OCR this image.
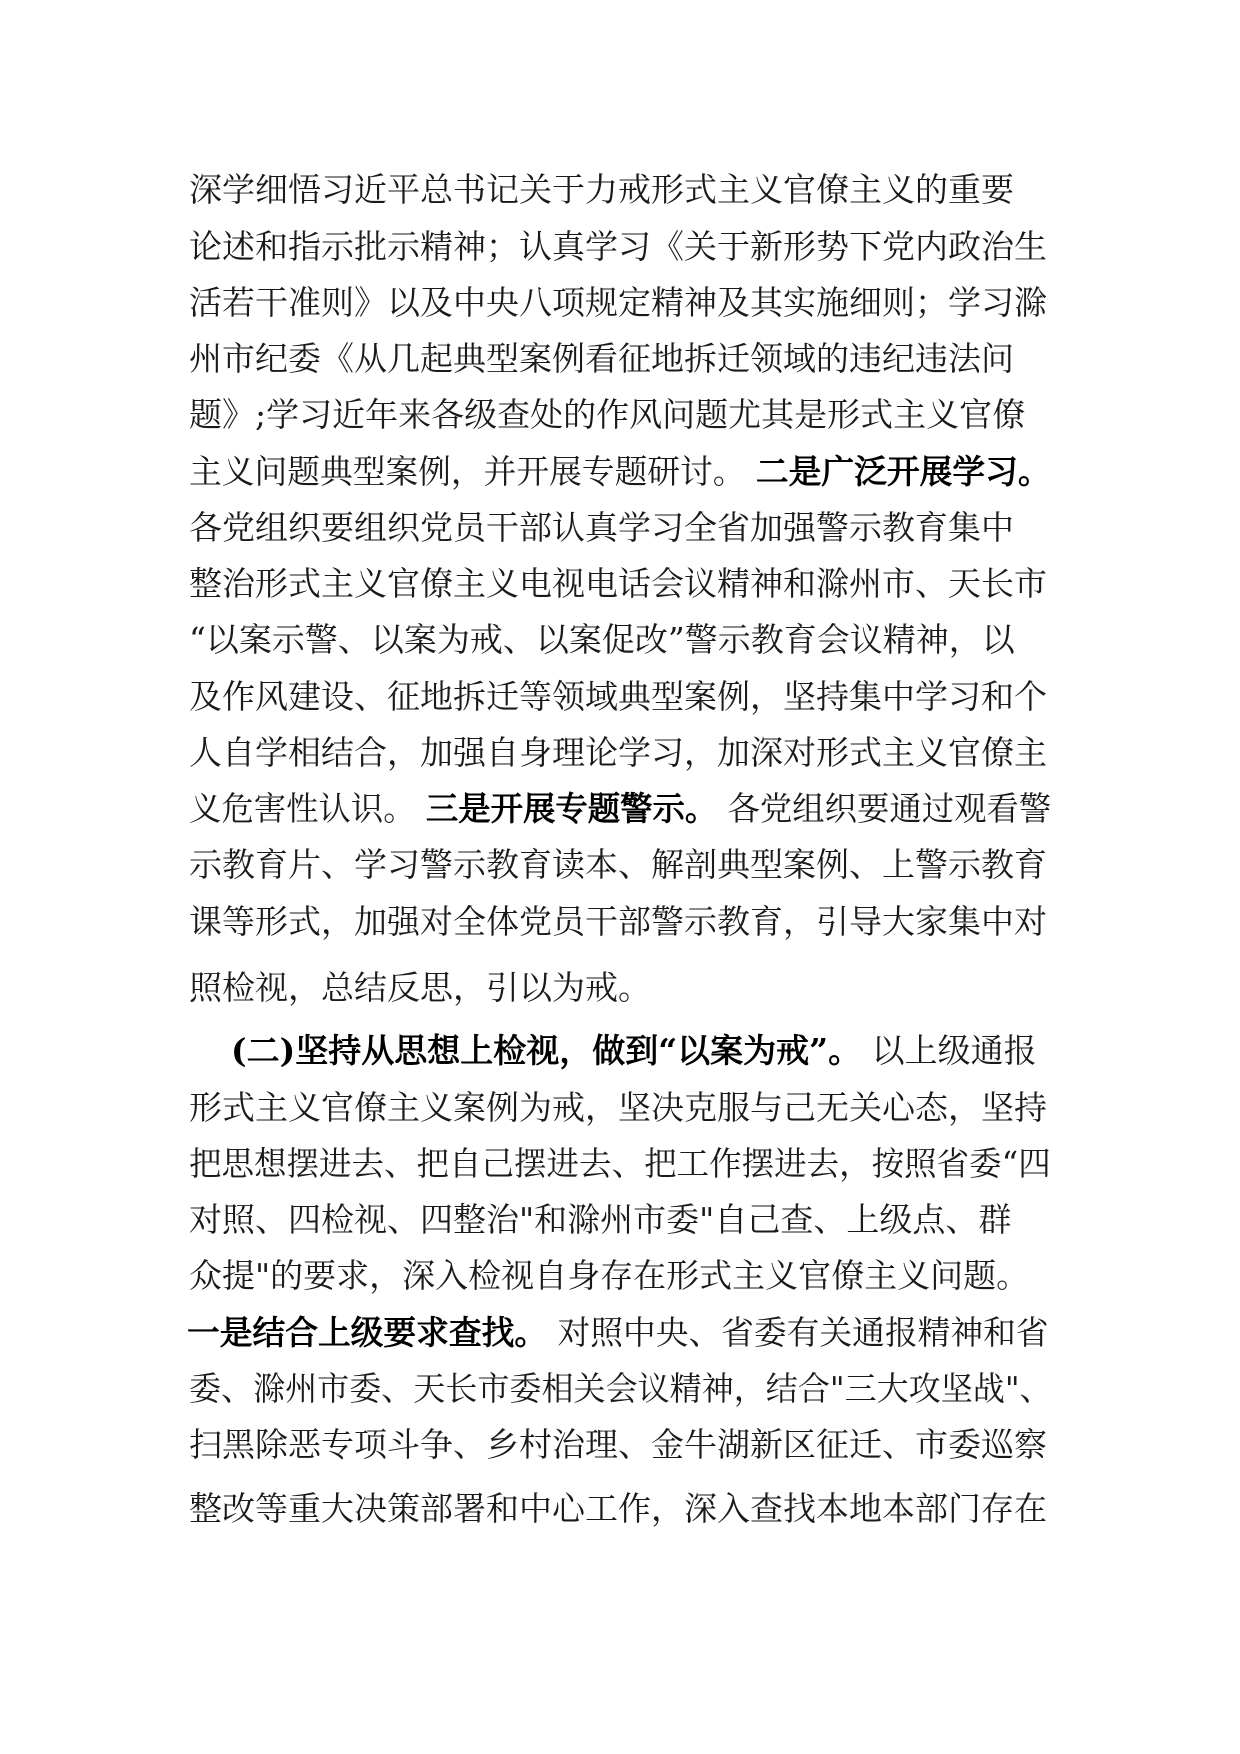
深学细悟习近平总书记关于力戒形式主义官僚主义的重要
论述和指示批示精神；认真学习《关于新形势下党内政治生
活若干准则》以及中央八项规定精神及其实施细则；学习滁
州市纪委《从几起典型案例看征地拆迁领域的违纪违法问
题》;学习近年来各级查处的作风问题尤其是形式主义官僚
主义问题典型案例，并开展专题研讨。 二是广泛开展学习。
各党组织要组织党员干部认真学习全省加强警示教育集中
整治形式主义官僚主义电视电话会议精神和滁州市、天长市
“以案示警、以案为戒、以案促改”警示教育会议精神，以
及作风建设、征地拆迁等领域典型案例，坚持集中学习和个
人自学相结合，加强自身理论学习，加深对形式主义官僚主
义危害性认识。 三是开展专题警示。 各党组织要通过观看警
示教育片、学习警示教育读本、解剖典型案例、上警示教育
课等形式，加强对全体党员干部警示教育，引导大家集中对
照检视，总结反思，引以为戒。
(二)坚持从思想上检视，做到“以案为戒”。 以上级通报
形式主义官僚主义案例为戒，坚决克服与己无关心态，坚持
把思想摆进去、把自己摆进去、把工作摆进去，按照省委“四
对照、四检视、四整治"和滁州市委"自己查、上级点、群
众提"的要求，深入检视自身存在形式主义官僚主义问题。
一是结合上级要求查找。 对照中央、省委有关通报精神和省
委、滁州市委、天长市委相关会议精神，结合"三大攻坚战"、
扫黑除恶专项斗争、乡村治理、金牛湖新区征迁、市委巡察
整改等重大决策部署和中心工作，深入查找本地本部门存在
